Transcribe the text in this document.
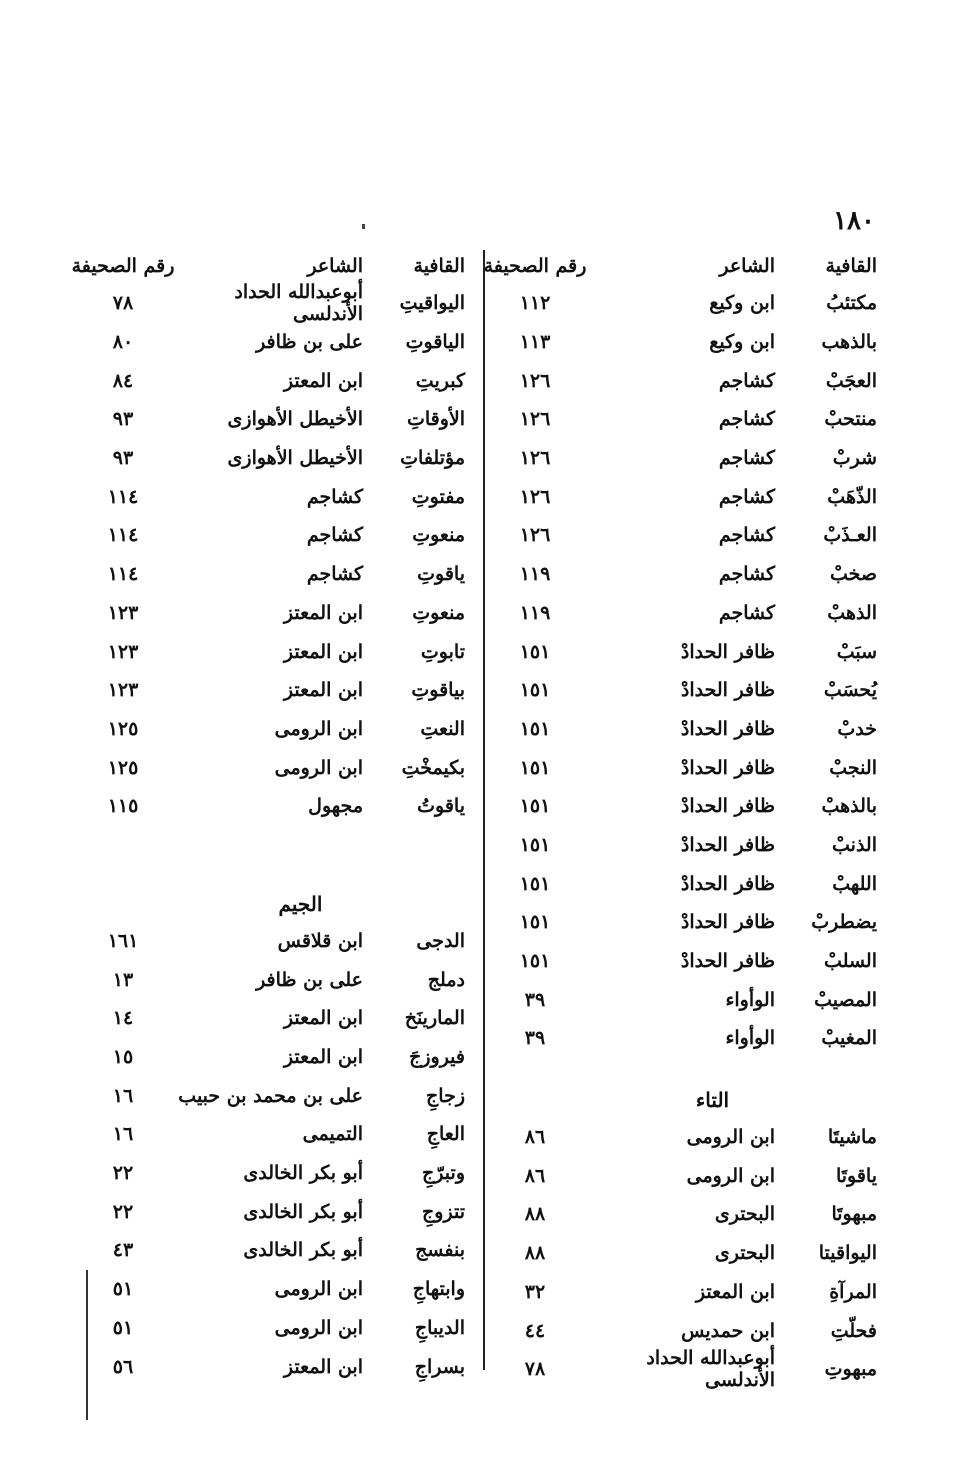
١٨٠
القافية
الشاعر
رقم الصحيفة
مكتئبُ
ابن وكيع
١١٢
بالذهب
ابن وكيع
١١٣
العجَبْ
كشاجم
١٢٦
منتحبْ
كشاجم
١٢٦
شربْ
كشاجم
١٢٦
الذّهَبْ
كشاجم
١٢٦
العـذَبْ
كشاجم
١٢٦
صخبْ
كشاجم
١١٩
الذهبْ
كشاجم
١١٩
سبَبْ
ظافر الحدادْ
١٥١
يُحسَبْ
ظافر الحدادْ
١٥١
خدبْ
ظافر الحدادْ
١٥١
النجبْ
ظافر الحدادْ
١٥١
بالذهبْ
ظافر الحدادْ
١٥١
الذنبْ
ظافر الحدادْ
١٥١
اللهبْ
ظافر الحدادْ
١٥١
يضطربْ
ظافر الحدادْ
١٥١
السلبْ
ظافر الحدادْ
١٥١
المصيبْ
الوأواء
٣٩
المغيبْ
الوأواء
٣٩
التاء
ماشيتَا
ابن الرومى
٨٦
ياقوتَا
ابن الرومى
٨٦
مبهوتَا
البحترى
٨٨
اليواقيتا
البحترى
٨٨
المرآةِ
ابن المعتز
٣٢
فحلّتِ
ابن حمديس
٤٤
مبهوتِ
أبوعبدالله الحداد الأندلسى
٧٨
القافية
الشاعر
رقم الصحيفة
اليواقيتِ
أبوعبدالله الحداد الأندلسى
٧٨
الياقوتِ
على بن ظافر
٨٠
كبريتِ
ابن المعتز
٨٤
الأوقاتِ
الأخيطل الأهوازى
٩٣
مؤتلفاتِ
الأخيطل الأهوازى
٩٣
مفتوتِ
كشاجم
١١٤
منعوتِ
كشاجم
١١٤
ياقوتِ
كشاجم
١١٤
منعوتِ
ابن المعتز
١٢٣
تابوتِ
ابن المعتز
١٢٣
بياقوتِ
ابن المعتز
١٢٣
النعتِ
ابن الرومى
١٢٥
بكيمخْتِ
ابن الرومى
١٢٥
ياقوتُ
مجهول
١١٥
الجيم
الدجى
ابن قلاقس
١٦١
دملج
على بن ظافر
١٣
المارينَخ
ابن المعتز
١٤
فيروزجَ
ابن المعتز
١٥
زجاجِ
على بن محمد بن حبيب
١٦
العاجِ
التميمى
١٦
وتبرّجِ
أبو بكر الخالدى
٢٢
تتزوجِ
أبو بكر الخالدى
٢٢
بنفسج
أبو بكر الخالدى
٤٣
وابتهاجِ
ابن الرومى
٥١
الديباجِ
ابن الرومى
٥١
بسراجِ
ابن المعتز
٥٦
